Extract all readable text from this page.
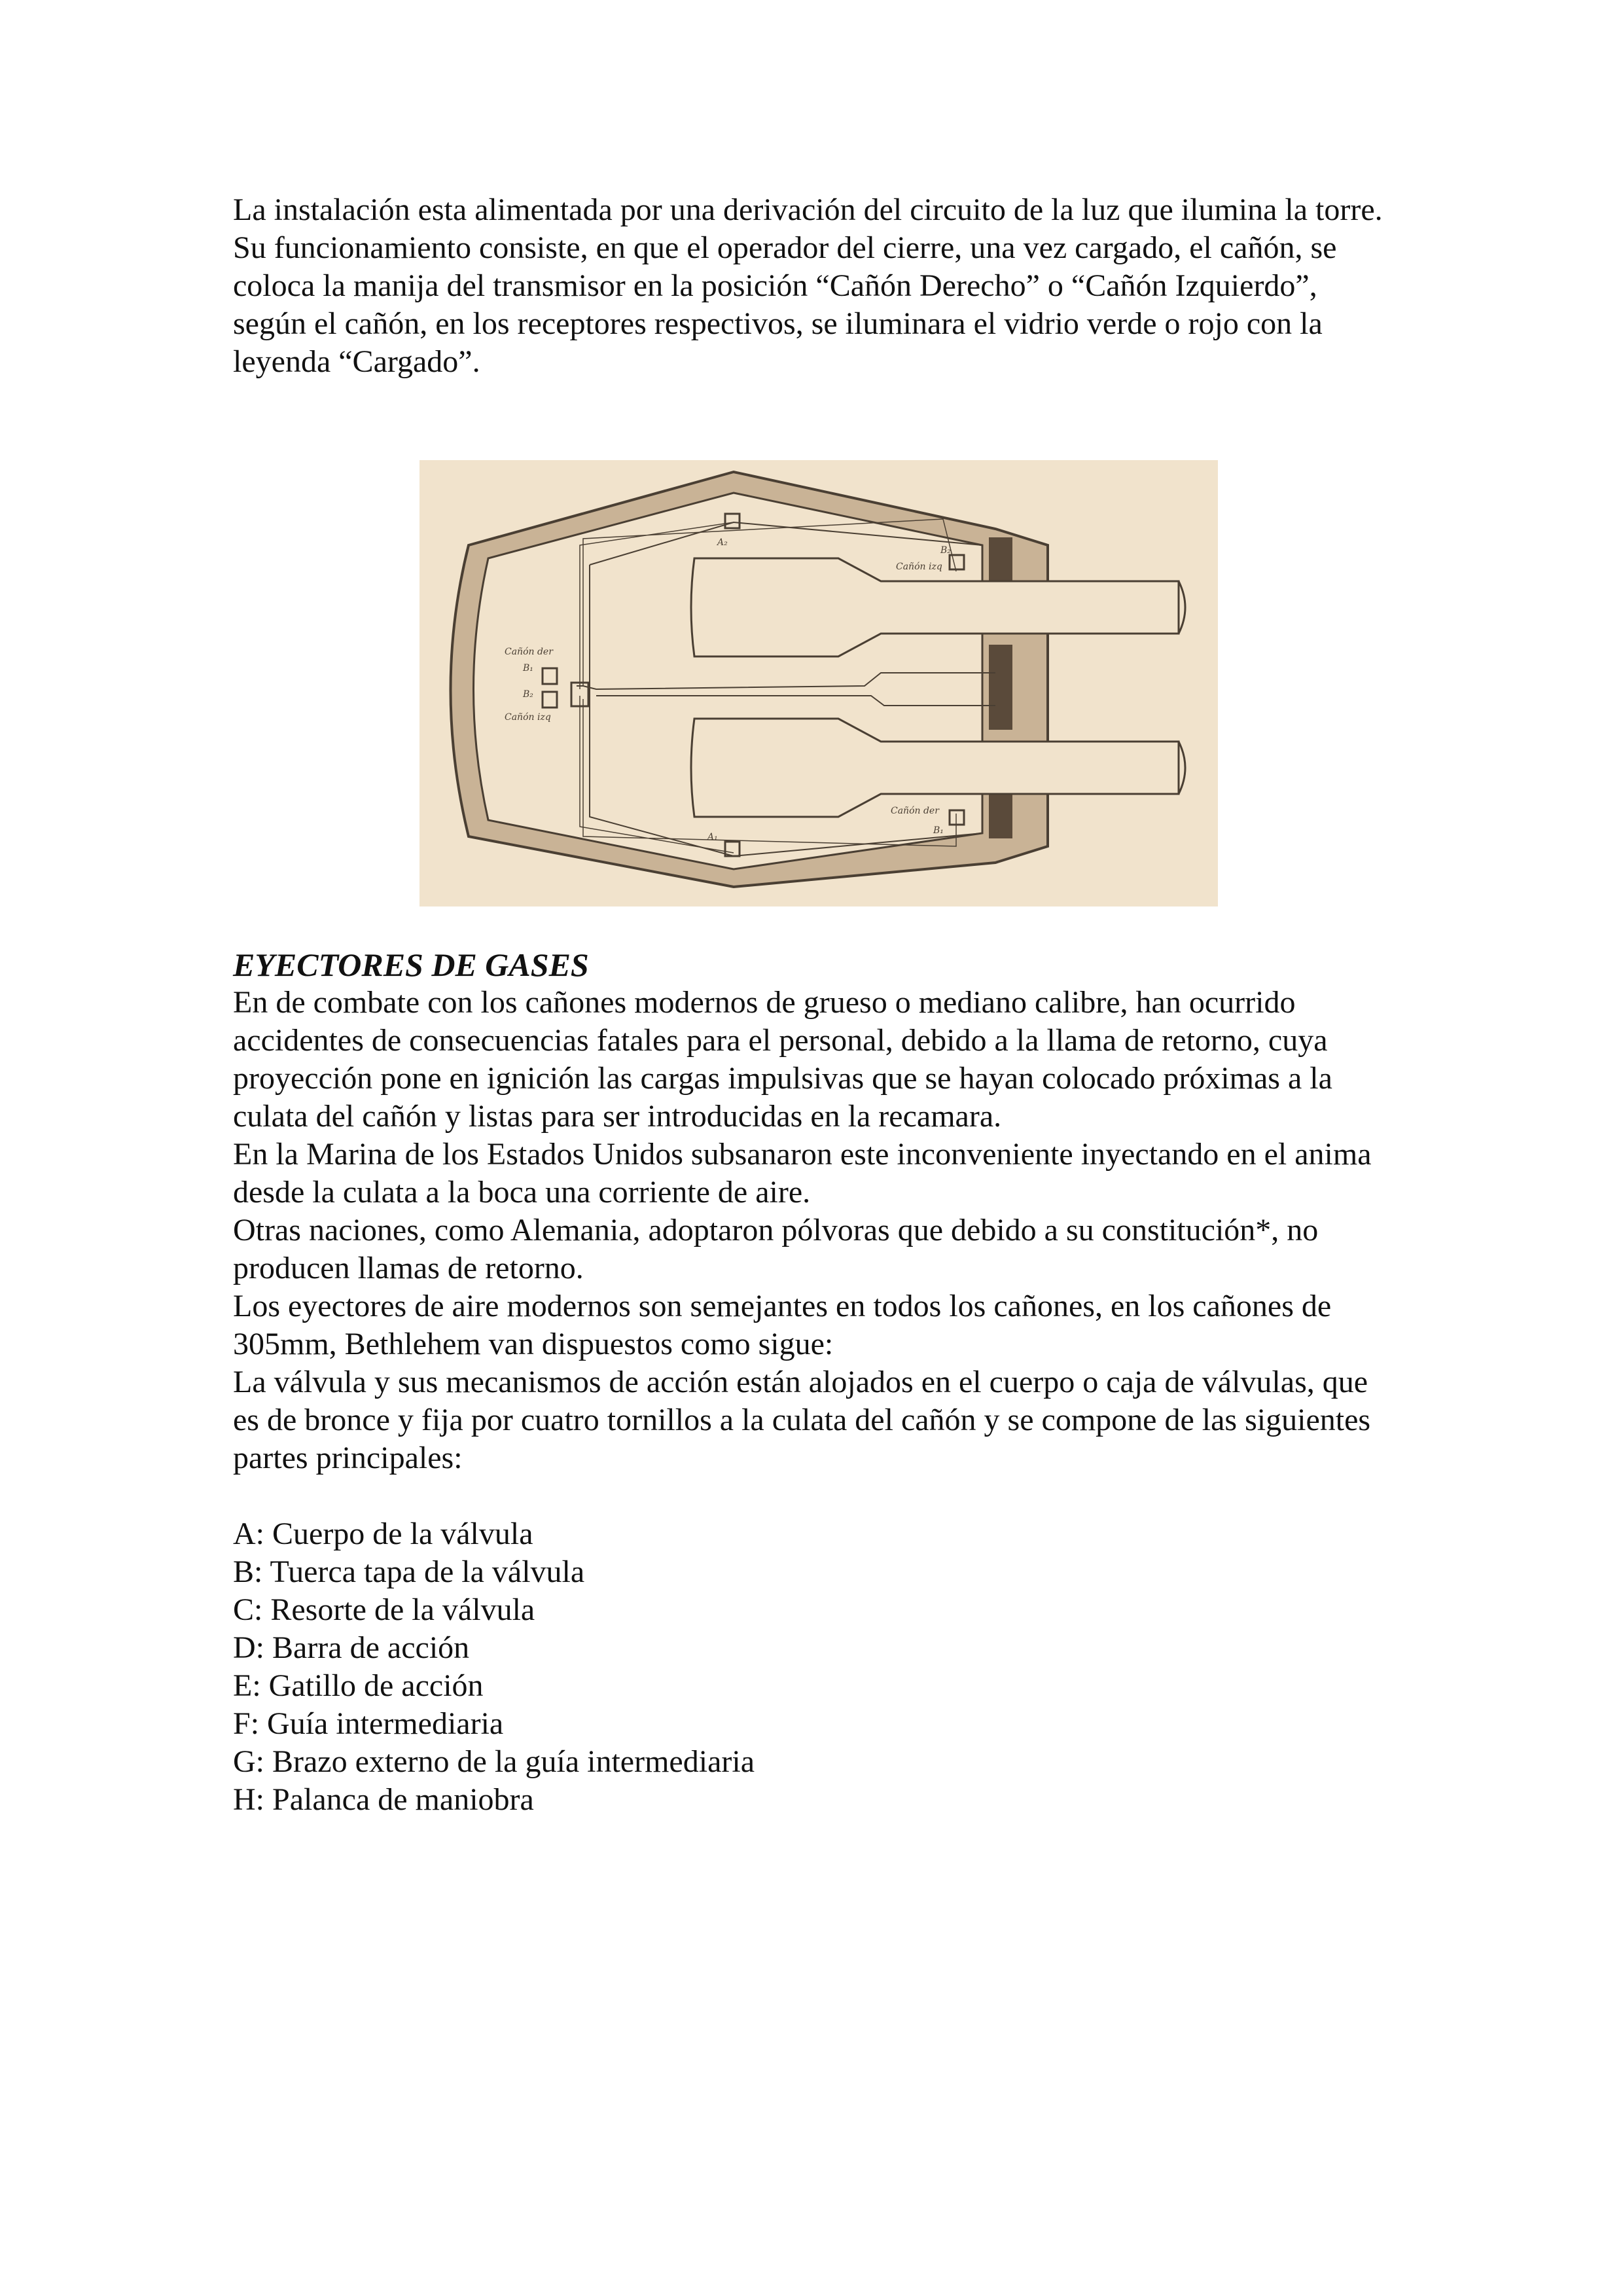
La instalación esta alimentada por una derivación del circuito de la luz que ilumina la torre.

Su funcionamiento consiste, en que el operador del cierre, una vez cargado, el cañón, se coloca la manija del transmisor en la posición “Cañón Derecho” o “Cañón Izquierdo”, según el cañón, en los receptores respectivos, se iluminara el vidrio verde o rojo con la leyenda “Cargado”.

A₂
B₂
Cañón izq
Cañón der
B₁
B₂
Cañón izq
Cañón der
A₁
B₁
EYECTORES DE GASES

En de combate con los cañones modernos de grueso o mediano calibre, han ocurrido accidentes de consecuencias fatales para el personal, debido a la llama de retorno, cuya proyección pone en ignición las cargas impulsivas que se hayan colocado próximas a la culata del cañón y listas para ser introducidas en la recamara.

En la Marina de los Estados Unidos subsanaron este inconveniente inyectando en el anima desde la culata a la boca una corriente de aire.

Otras naciones, como Alemania, adoptaron pólvoras que debido a su constitución*, no producen llamas de retorno.

Los eyectores de aire modernos son semejantes en todos los cañones, en los cañones de 305mm, Bethlehem van dispuestos como sigue:

La válvula y sus mecanismos de acción están alojados en el cuerpo o caja de válvulas, que es de bronce y fija por cuatro tornillos a la culata del cañón y se compone de las siguientes partes principales:

A: Cuerpo de la válvula
B: Tuerca tapa de la válvula
C: Resorte de la válvula
D: Barra de acción
E: Gatillo de acción
F: Guía intermediaria
G: Brazo externo de la guía intermediaria
H: Palanca de maniobra
